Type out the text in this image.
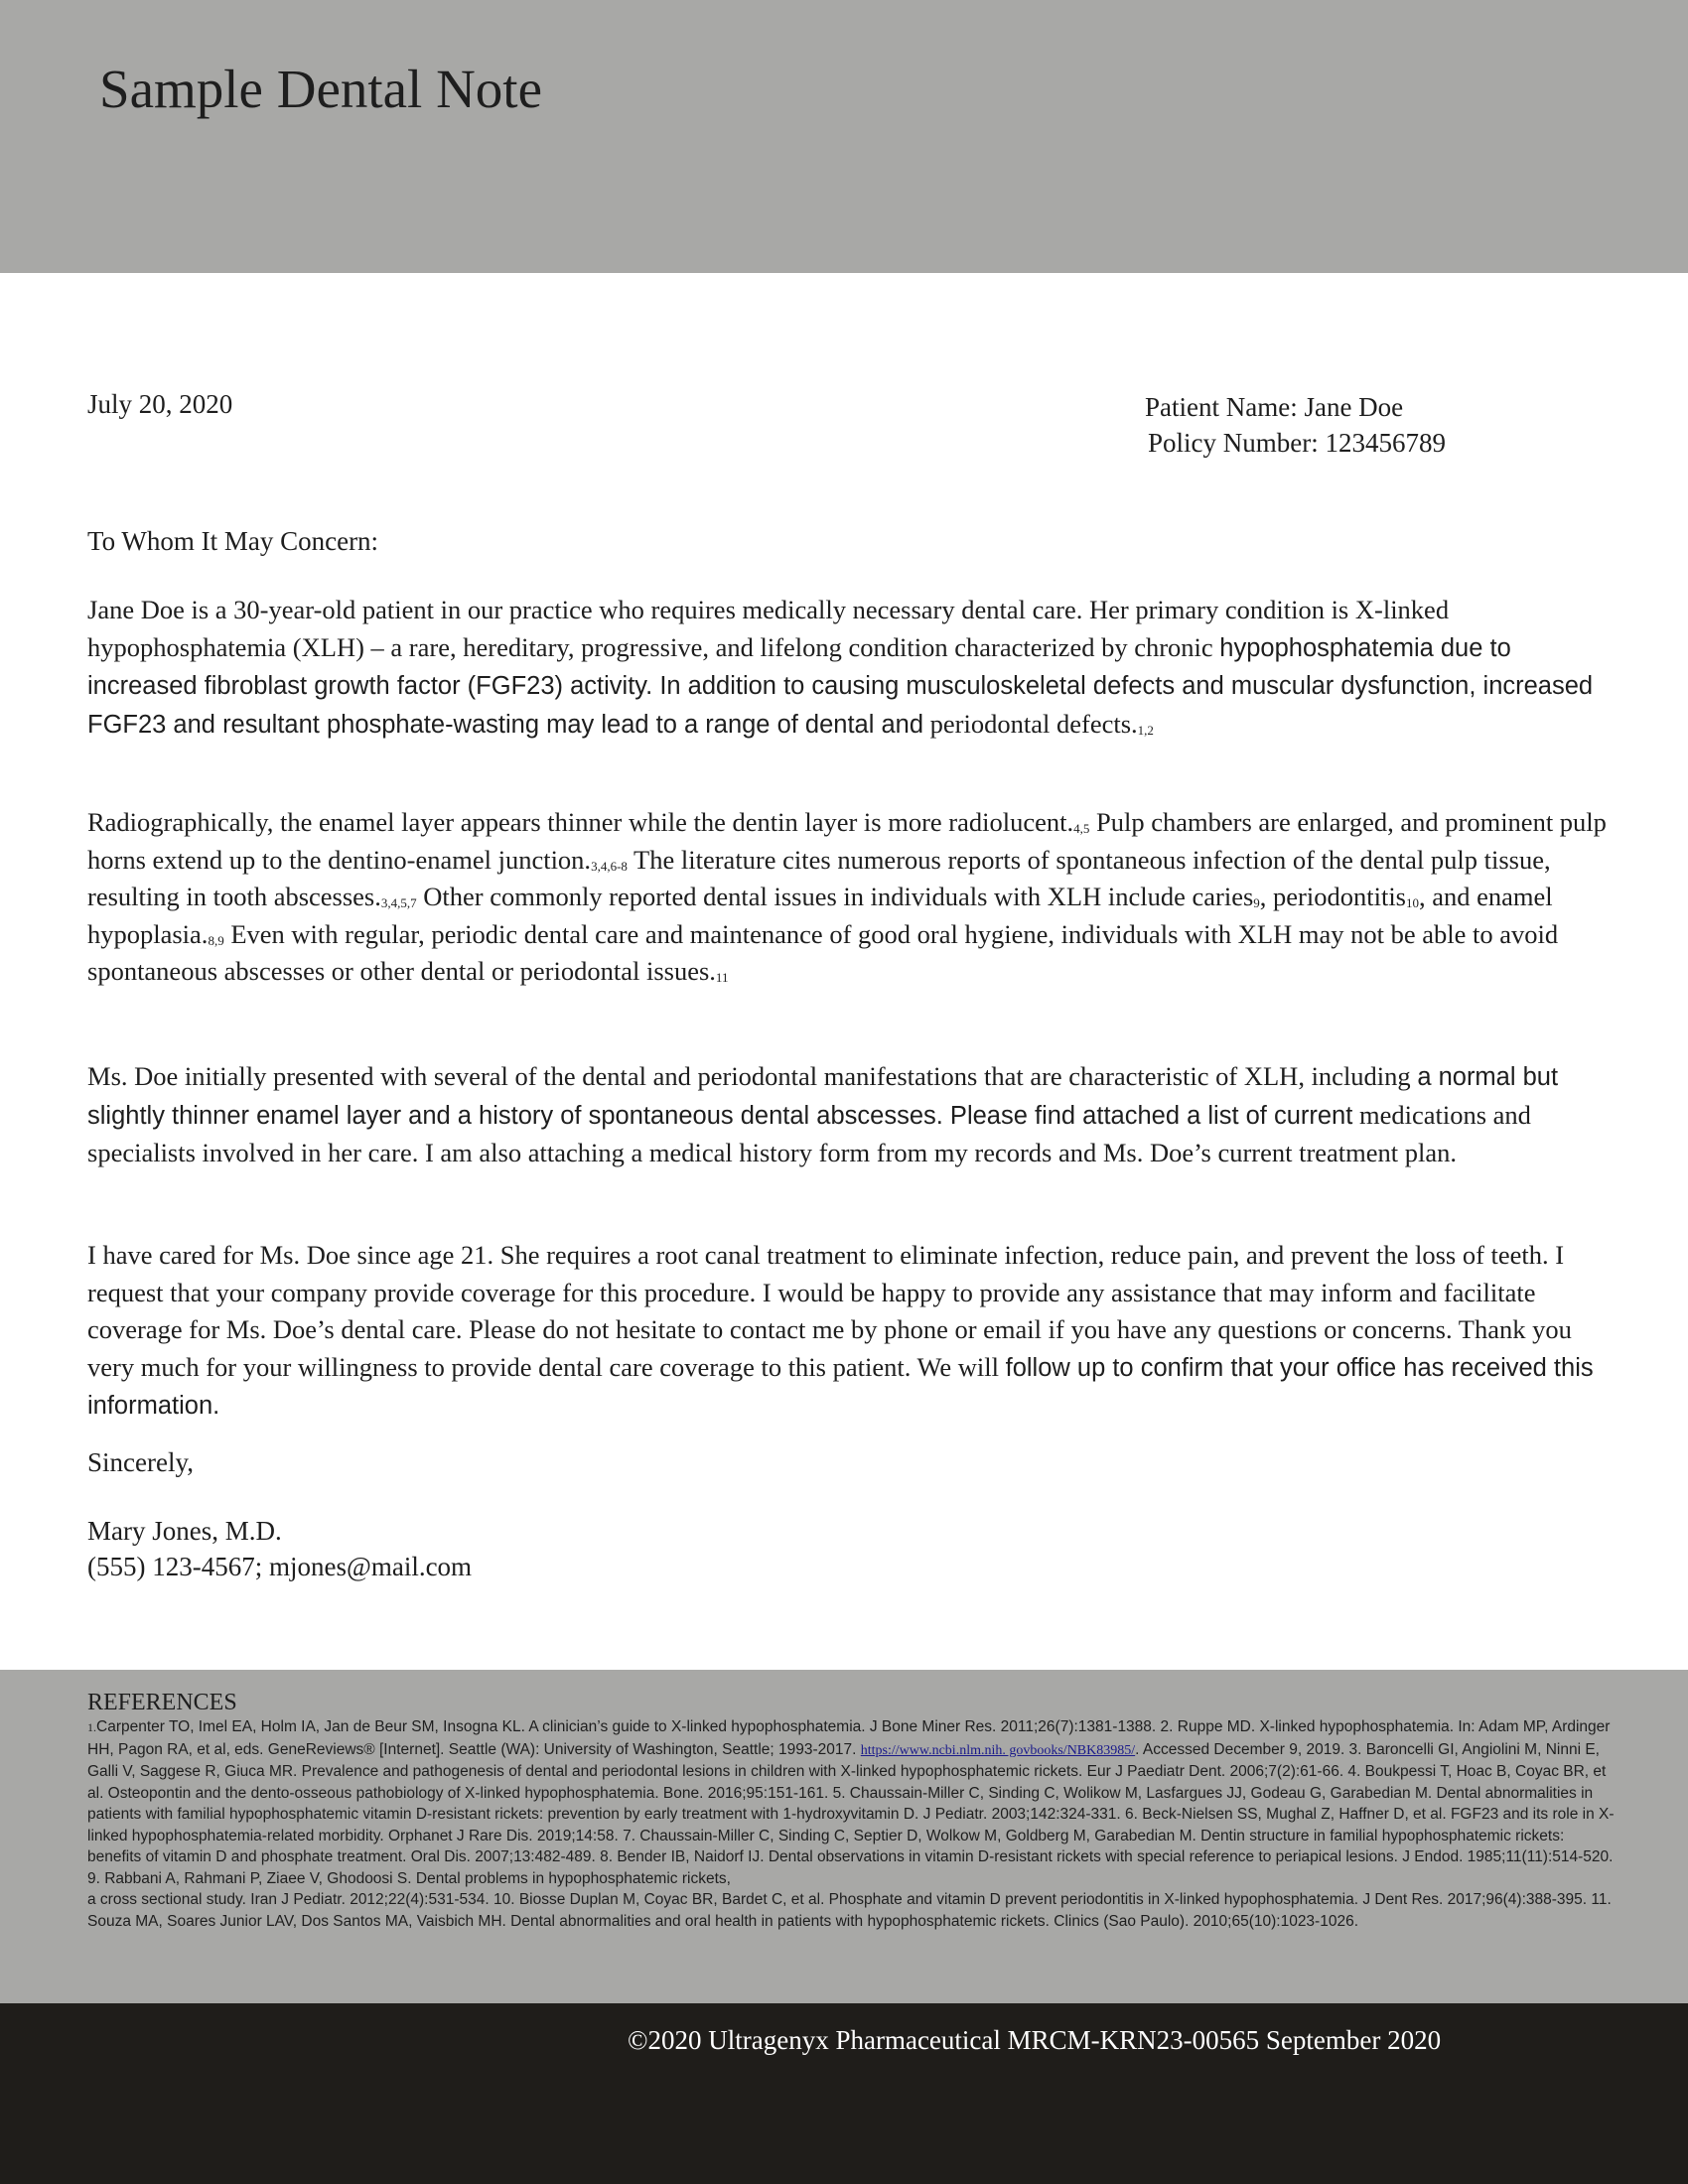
Sample Dental Note
July 20, 2020	Patient Name: Jane Doe
Policy Number: 123456789
To Whom It May Concern:

Jane Doe is a 30-year-old patient in our practice who requires medically necessary dental care. Her primary condition is X-linked hypophosphatemia (XLH) – a rare, hereditary, progressive, and lifelong condition characterized by chronic hypophosphatemia due to increased fibroblast growth factor (FGF23) activity. In addition to causing musculoskeletal defects and muscular dysfunction, increased FGF23 and resultant phosphate-wasting may lead to a range of dental and periodontal $defects._{1,2}$

Radiographically, the enamel layer appears thinner while the dentin layer is more $radiolucent._{4,5}$ Pulp chambers are enlarged, and prominent pulp horns extend up to the dentino-enamel $junction._{3,4,6-8}$ The literature cites numerous reports of spontaneous infection of the dental pulp tissue, resulting in tooth $abscesses._{3,4,5,7}$ Other commonly reported dental issues in individuals with XLH include caries$_9$, periodontitis$_{10}$, and enamel $hypoplasia._{8,9}$ Even with regular, periodic dental care and maintenance of good oral hygiene, individuals with XLH may not be able to avoid spontaneous abscesses or other dental or periodontal $issues._{11}$

Ms. Doe initially presented with several of the dental and periodontal manifestations that are characteristic of XLH, including a normal but slightly thinner enamel layer and a history of spontaneous dental abscesses. Please find attached a list of current medications and specialists involved in her care. I am also attaching a medical history form from my records and Ms. Doe’s current treatment plan.

I have cared for Ms. Doe since age 21. She requires a root canal treatment to eliminate infection, reduce pain, and prevent the loss of teeth. I request that your company provide coverage for this procedure. I would be happy to provide any assistance that may inform and facilitate coverage for Ms. Doe’s dental care. Please do not hesitate to contact me by phone or email if you have any questions or concerns. Thank you very much for your willingness to provide dental care coverage to this patient. We will follow up to confirm that your office has received this information.

Sincerely,
Mary Jones, M.D.
(555) 123-4567; mjones@mail.com
REFERENCES

1.Carpenter TO, Imel EA, Holm IA, Jan de Beur SM, Insogna KL. A clinician’s guide to X-linked hypophosphatemia. J Bone Miner Res. 2011;26(7):1381-1388. 2. Ruppe MD. X-linked hypophosphatemia. In: Adam MP, Ardinger HH, Pagon RA, et al, eds. GeneReviews® [Internet]. Seattle (WA): University of Washington, Seattle; 1993-2017. https://www.ncbi.nlm.nih. govbooks/NBK83985/. Accessed December 9, 2019. 3. Baroncelli GI, Angiolini M, Ninni E, Galli V, Saggese R, Giuca MR. Prevalence and pathogenesis of dental and periodontal lesions in children with X-linked hypophosphatemic rickets. Eur J Paediatr Dent. 2006;7(2):61-66. 4. Boukpessi T, Hoac B, Coyac BR, et al. Osteopontin and the dento-osseous pathobiology of X-linked hypophosphatemia. Bone. 2016;95:151-161. 5. Chaussain-Miller C, Sinding C, Wolikow M, Lasfargues JJ, Godeau G, Garabedian M. Dental abnormalities in patients with familial hypophosphatemic vitamin D-resistant rickets: prevention by early treatment with 1-hydroxyvitamin D. J Pediatr. 2003;142:324-331. 6. Beck-Nielsen SS, Mughal Z, Haffner D, et al. FGF23 and its role in X-linked hypophosphatemia-related morbidity. Orphanet J Rare Dis. 2019;14:58. 7. Chaussain-Miller C, Sinding C, Septier D, Wolkow M, Goldberg M, Garabedian M. Dentin structure in familial hypophosphatemic rickets: benefits of vitamin D and phosphate treatment. Oral Dis. 2007;13:482-489. 8. Bender IB, Naidorf IJ. Dental observations in vitamin D-resistant rickets with special reference to periapical lesions. J Endod. 1985;11(11):514-520. 9. Rabbani A, Rahmani P, Ziaee V, Ghodoosi S. Dental problems in hypophosphatemic rickets,
a cross sectional study. Iran J Pediatr. 2012;22(4):531-534. 10. Biosse Duplan M, Coyac BR, Bardet C, et al. Phosphate and vitamin D prevent periodontitis in X-linked hypophosphatemia. J Dent Res. 2017;96(4):388-395. 11. Souza MA, Soares Junior LAV, Dos Santos MA, Vaisbich MH. Dental abnormalities and oral health in patients with hypophosphatemic rickets. Clinics (Sao Paulo). 2010;65(10):1023-1026.

©2020 Ultragenyx Pharmaceutical MRCM-KRN23-00565 September 2020
